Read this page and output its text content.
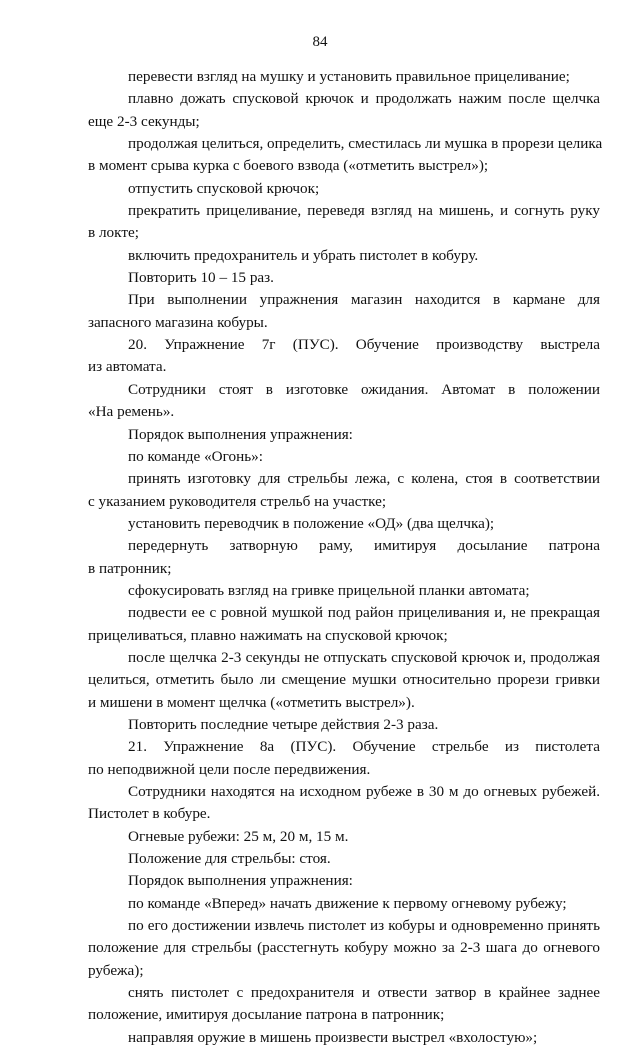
84
перевести взгляд на мушку и установить правильное прицеливание;
плавно дожать спусковой крючок и продолжать нажим после щелчка
еще 2-3 секунды;
продолжая целиться, определить, сместилась ли мушка в прорези целика
в момент срыва курка с боевого взвода («отметить выстрел»);
отпустить спусковой крючок;
прекратить прицеливание, переведя взгляд на мишень, и согнуть руку
в локте;
включить предохранитель и убрать пистолет в кобуру.
Повторить 10 – 15 раз.
При выполнении упражнения магазин находится в кармане для
запасного магазина кобуры.
20. Упражнение 7г (ПУС). Обучение производству выстрела
из автомата.
Сотрудники стоят в изготовке ожидания. Автомат в положении
«На ремень».
Порядок выполнения упражнения:
по команде «Огонь»:
принять изготовку для стрельбы лежа, с колена, стоя в соответствии
с указанием руководителя стрельб на участке;
установить переводчик в положение «ОД» (два щелчка);
передернуть затворную раму, имитируя досылание патрона
в патронник;
сфокусировать взгляд на гривке прицельной планки автомата;
подвести ее с ровной мушкой под район прицеливания и, не прекращая
прицеливаться, плавно нажимать на спусковой крючок;
после щелчка 2-3 секунды не отпускать спусковой крючок и, продолжая
целиться, отметить было ли смещение мушки относительно прорези гривки
и мишени в момент щелчка («отметить выстрел»).
Повторить последние четыре действия 2-3 раза.
21. Упражнение 8а (ПУС). Обучение стрельбе из пистолета
по неподвижной цели после передвижения.
Сотрудники находятся на исходном рубеже в 30 м до огневых рубежей.
Пистолет в кобуре.
Огневые рубежи: 25 м, 20 м, 15 м.
Положение для стрельбы: стоя.
Порядок выполнения упражнения:
по команде «Вперед» начать движение к первому огневому рубежу;
по его достижении извлечь пистолет из кобуры и одновременно принять
положение для стрельбы (расстегнуть кобуру можно за 2-3 шага до огневого
рубежа);
снять пистолет с предохранителя и отвести затвор в крайнее заднее
положение, имитируя досылание патрона в патронник;
направляя оружие в мишень произвести выстрел «вхолостую»;
